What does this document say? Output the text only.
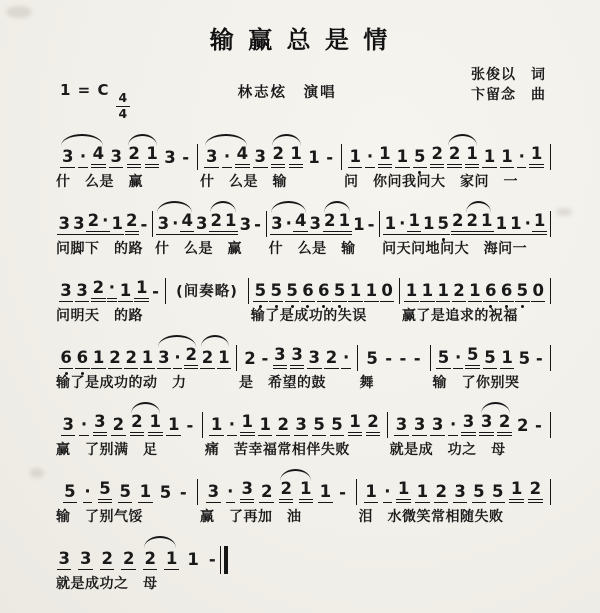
输 赢 总 是 情
1 = C
$\frac{4}{4}$	林志炫　演唱
张俊以　词
卞留念　曲
3 · 4 3 2 1 3 -
什　么是　赢
3 · 4 3 2 1 1 -
什　么是　输
1 · 1 1 5 2 2 1 1 1 · 1
问　你问我问大　家问　一
3 3 2 · 1 2 -
问脚下　的路
3 · 4 3 2 1 3 -
什　么是　赢
3 · 4 3 2 1 1 -
什　么是　输
1 · 1 1 5 2 2 1 1 1 · 1
问天问地问大　海问一
3 3 2 · 1 1 -
问明天　的路
(间奏略) 5 5 5 6 6 5 1 1 0
输了是成功的失误
1 1 1 2 1 6 6 5 0
赢了是追求的祝福
6 6 1 2 2 1 3 · 2 2 1
输了是成功的动　力
2 - 3 3 3 2 ·
是　希望的鼓
5 - - -
舞
5 · 5 5 1 5 -
输　了你别哭
3 · 3 2 2 1 1 -
赢　了别满　足
1 · 1 1 2 3 5 5 1 2
痛　苦幸福常相伴失败
3 3 3 · 3 3 2 2 -
就是成　功之　母
5 · 5 5 1 5 -
输　了别气馁
3 · 3 2 2 1 1 -
赢　了再加　油
1 · 1 1 2 3 5 5 1 2
泪　水微笑常相随失败
3 3 2 2 2 1 1 -
就是成功之　母
